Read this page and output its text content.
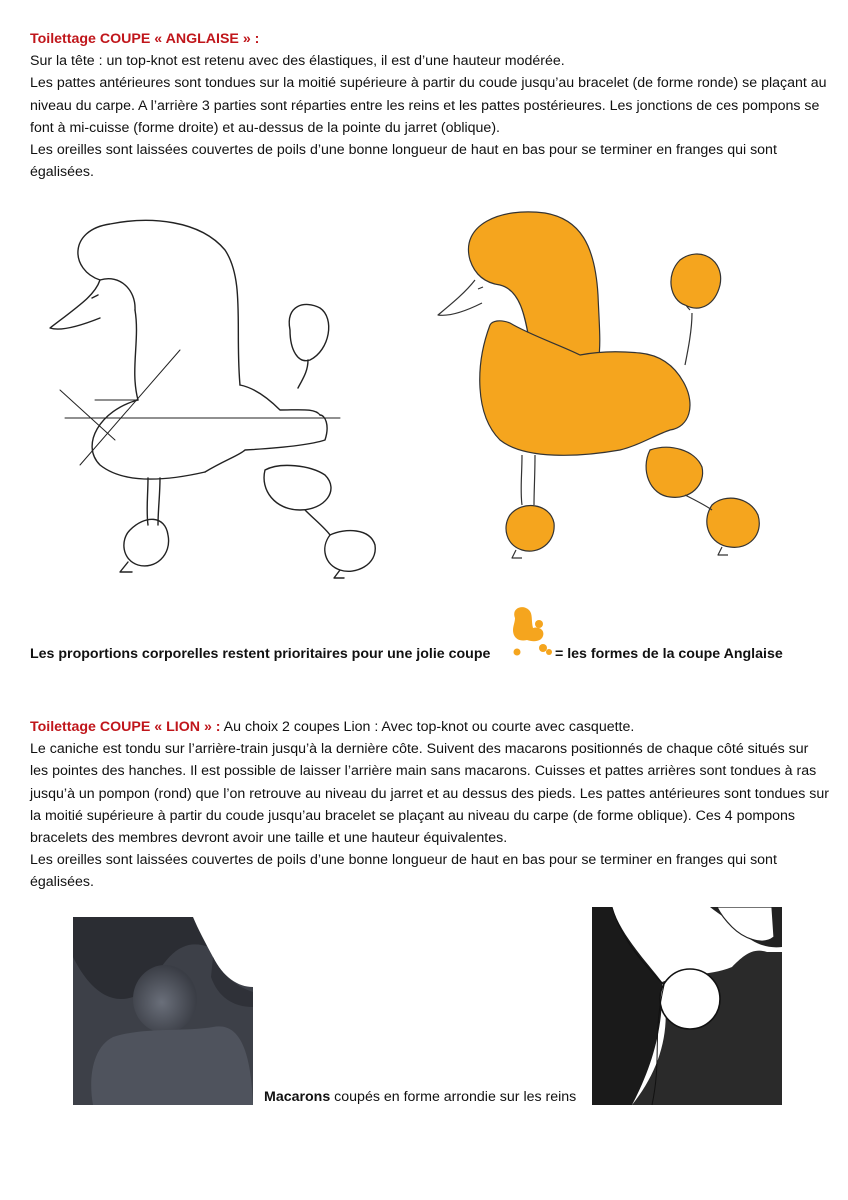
Toilettage COUPE « ANGLAISE » :

Sur la tête : un top-knot est retenu avec des élastiques, il est d’une hauteur modérée.

Les pattes antérieures sont tondues sur la moitié supérieure à partir du coude jusqu’au bracelet (de forme ronde) se plaçant au niveau du carpe. A l’arrière 3 parties sont réparties entre les reins et les pattes postérieures. Les jonctions de ces pompons se font à mi-cuisse (forme droite) et au-dessus de la pointe du jarret (oblique).

Les oreilles sont laissées couvertes de poils d’une bonne longueur de haut en bas pour se terminer en franges qui sont égalisées.

Les proportions corporelles restent prioritaires pour une jolie coupe	= les formes de la coupe Anglaise

Toilettage COUPE « LION » : Au choix 2 coupes Lion : Avec top-knot ou courte avec casquette.

Le caniche est tondu sur l’arrière-train jusqu’à la dernière côte. Suivent des macarons positionnés de chaque côté situés sur les pointes des hanches. Il est possible de laisser l’arrière main sans macarons. Cuisses et pattes arrières sont tondues à ras jusqu’à un pompon (rond) que l’on retrouve au niveau du jarret et au dessus des pieds. Les pattes antérieures sont tondues sur la moitié supérieure à partir du coude jusqu’au bracelet se plaçant au niveau du carpe (de forme oblique). Ces 4 pompons bracelets des membres devront avoir une taille et une hauteur équivalentes.

Les oreilles sont laissées couvertes de poils d’une bonne longueur de haut en bas pour se terminer en franges qui sont égalisées.

Macarons coupés en forme arrondie sur les reins
